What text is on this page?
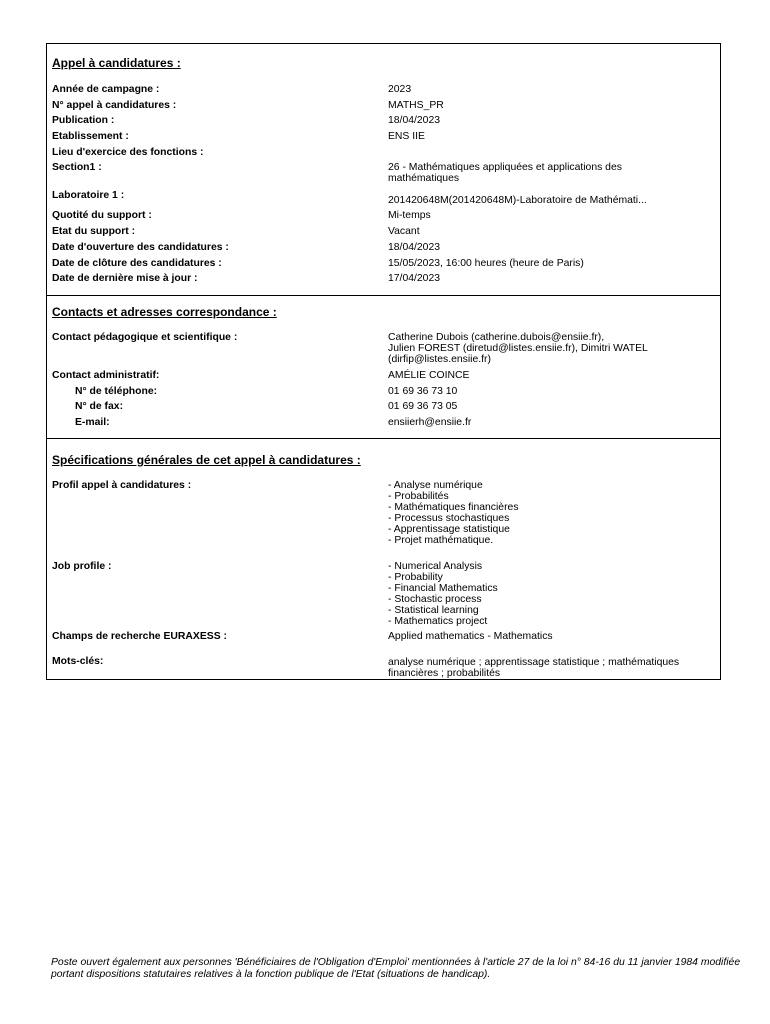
Appel à candidatures :
Année de campagne :	2023
N° appel à candidatures :	MATHS_PR
Publication :	18/04/2023
Etablissement :	ENS IIE
Lieu d'exercice des fonctions :
Section1 :	26 - Mathématiques appliquées et applications des mathématiques
Laboratoire 1 :	201420648M(201420648M)-Laboratoire de Mathémati...
Quotité du support :	Mi-temps
Etat du support :	Vacant
Date d'ouverture des candidatures :	18/04/2023
Date de clôture des candidatures :	15/05/2023, 16:00 heures (heure de Paris)
Date de dernière mise à jour :	17/04/2023
Contacts et adresses correspondance :
Contact pédagogique et scientifique :	Catherine Dubois (catherine.dubois@ensiie.fr),
Julien FOREST (diretud@listes.ensiie.fr), Dimitri WATEL
(dirfip@listes.ensiie.fr)
Contact administratif:	AMÉLIE COINCE
N° de téléphone:	01 69 36 73 10
N° de fax:	01 69 36 73 05
E-mail:	ensiierh@ensiie.fr
Spécifications générales de cet appel à candidatures :
Profil appel à candidatures :	- Analyse numérique
- Probabilités
- Mathématiques financières
- Processus stochastiques
- Apprentissage statistique
- Projet mathématique.
Job profile :	- Numerical Analysis
- Probability
- Financial Mathematics
- Stochastic process
- Statistical learning
- Mathematics project
Champs de recherche EURAXESS :	Applied mathematics - Mathematics
Mots-clés:	analyse numérique ; apprentissage statistique ; mathématiques
financières ; probabilités
Poste ouvert également aux personnes 'Bénéficiaires de l'Obligation d'Emploi' mentionnées à l'article 27 de la loi n° 84-16 du 11 janvier 1984 modifiée portant dispositions statutaires relatives à la fonction publique de l'Etat (situations de handicap).
